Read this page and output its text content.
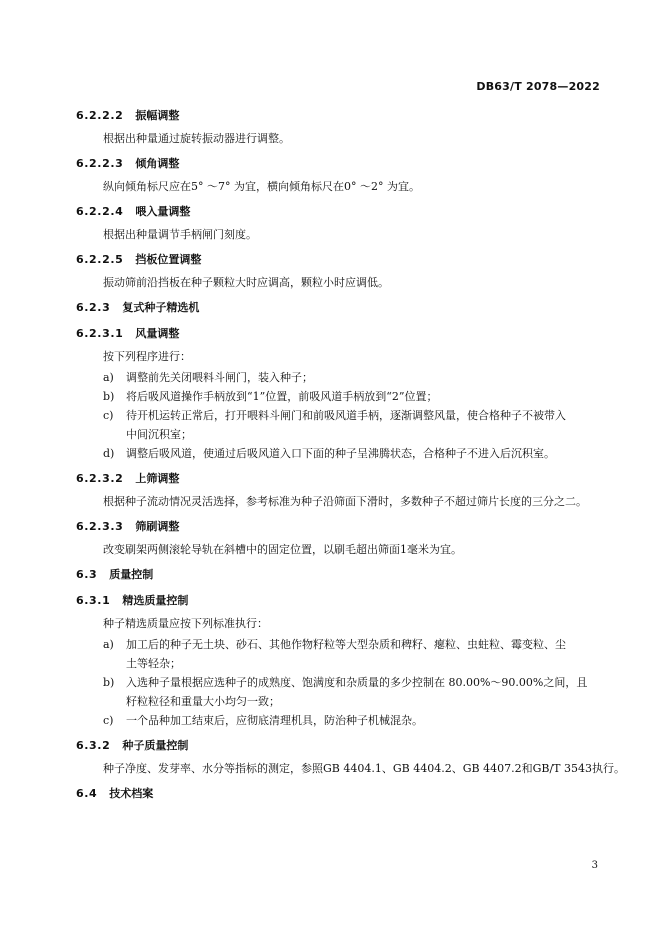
DB63/T 2078—2022
6.2.2.2 振幅调整
根据出种量通过旋转振动器进行调整。
6.2.2.3 倾角调整
纵向倾角标尺应在5° ～7° 为宜，横向倾角标尺在0° ～2° 为宜。
6.2.2.4 喂入量调整
根据出种量调节手柄闸门刻度。
6.2.2.5 挡板位置调整
振动筛前沿挡板在种子颗粒大时应调高，颗粒小时应调低。
6.2.3 复式种子精选机
6.2.3.1 风量调整
按下列程序进行：
a) 调整前先关闭喂料斗闸门，装入种子；
b) 将后吸风道操作手柄放到“1”位置，前吸风道手柄放到“2”位置；
c) 待开机运转正常后，打开喂料斗闸门和前吸风道手柄，逐渐调整风量，使合格种子不被带入
中间沉积室；
d) 调整后吸风道，使通过后吸风道入口下面的种子呈沸腾状态，合格种子不进入后沉积室。
6.2.3.2 上筛调整
根据种子流动情况灵活选择，参考标准为种子沿筛面下滑时，多数种子不超过筛片长度的三分之二。
6.2.3.3 筛刷调整
改变刷架两侧滚轮导轨在斜槽中的固定位置，以刷毛超出筛面1毫米为宜。
6.3 质量控制
6.3.1 精选质量控制
种子精选质量应按下列标准执行：
a) 加工后的种子无土块、砂石、其他作物籽粒等大型杂质和稗籽、瘪粒、虫蛀粒、霉变粒、尘
土等轻杂；
b) 入选种子量根据应选种子的成熟度、饱满度和杂质量的多少控制在 80.00%～90.00%之间，且
籽粒粒径和重量大小均匀一致；
c) 一个品种加工结束后，应彻底清理机具，防治种子机械混杂。
6.3.2 种子质量控制
种子净度、发芽率、水分等指标的测定，参照GB 4404.1、GB 4404.2、GB 4407.2和GB/T 3543执行。
6.4 技术档案
3
